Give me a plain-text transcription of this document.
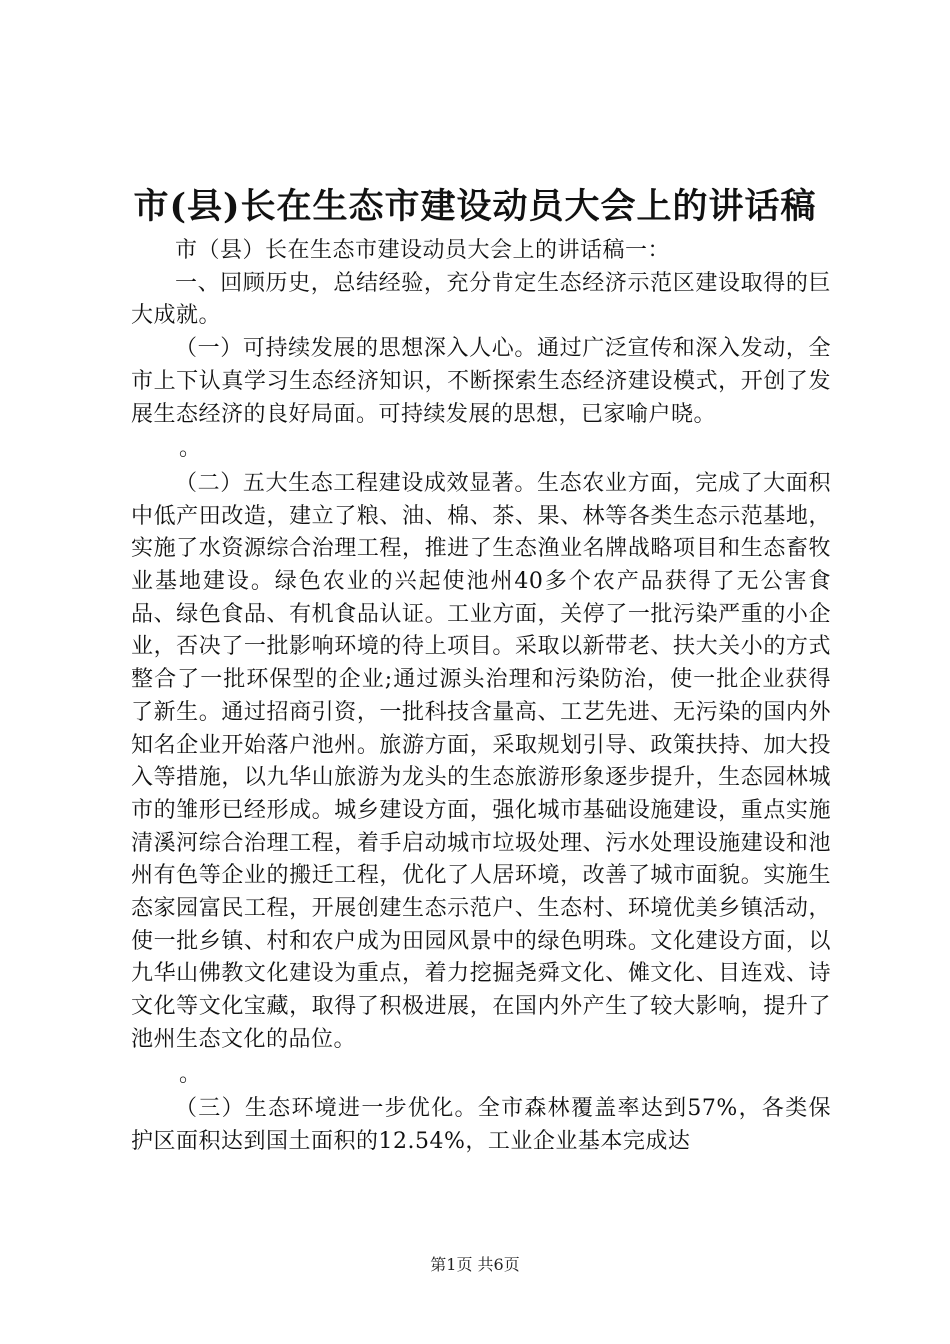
市(县)长在生态市建设动员大会上的讲话稿

市（县）长在生态市建设动员大会上的讲话稿一：

一、回顾历史，总结经验，充分肯定生态经济示范区建设取得的巨大成就。

（一）可持续发展的思想深入人心。通过广泛宣传和深入发动，全市上下认真学习生态经济知识，不断探索生态经济建设模式，开创了发展生态经济的良好局面。可持续发展的思想，已家喻户晓。

。

（二）五大生态工程建设成效显著。生态农业方面，完成了大面积中低产田改造，建立了粮、油、棉、茶、果、林等各类生态示范基地，实施了水资源综合治理工程，推进了生态渔业名牌战略项目和生态畜牧业基地建设。绿色农业的兴起使池州40多个农产品获得了无公害食品、绿色食品、有机食品认证。工业方面，关停了一批污染严重的小企业，否决了一批影响环境的待上项目。采取以新带老、扶大关小的方式整合了一批环保型的企业;通过源头治理和污染防治，使一批企业获得了新生。通过招商引资，一批科技含量高、工艺先进、无污染的国内外知名企业开始落户池州。旅游方面，采取规划引导、政策扶持、加大投入等措施，以九华山旅游为龙头的生态旅游形象逐步提升，生态园林城市的雏形已经形成。城乡建设方面，强化城市基础设施建设，重点实施清溪河综合治理工程，着手启动城市垃圾处理、污水处理设施建设和池州有色等企业的搬迁工程，优化了人居环境，改善了城市面貌。实施生态家园富民工程，开展创建生态示范户、生态村、环境优美乡镇活动，使一批乡镇、村和农户成为田园风景中的绿色明珠。文化建设方面，以九华山佛教文化建设为重点，着力挖掘尧舜文化、傩文化、目连戏、诗文化等文化宝藏，取得了积极进展，在国内外产生了较大影响，提升了池州生态文化的品位。

。

（三）生态环境进一步优化。全市森林覆盖率达到57%，各类保护区面积达到国土面积的12.54%，工业企业基本完成达

第1页 共6页
